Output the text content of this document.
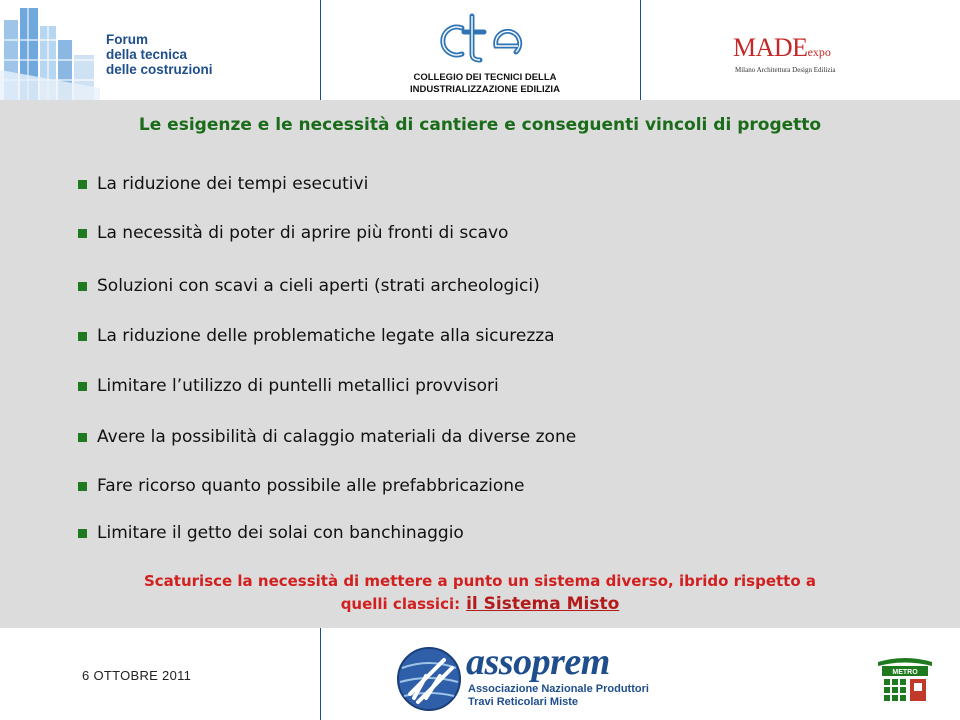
Forum
della tecnica
delle costruzioni
COLLEGIO DEI TECNICI DELLA
INDUSTRIALIZZAZIONE EDILIZIA
MADEexpo
Milano Architettura Design Edilizia
Le esigenze e le necessità di cantiere e conseguenti vincoli di progetto
La riduzione dei tempi esecutivi
La necessità di poter di aprire più fronti di scavo
Soluzioni con scavi a cieli aperti (strati archeologici)
La riduzione delle problematiche legate alla sicurezza
Limitare l’utilizzo di puntelli metallici provvisori
Avere la possibilità di calaggio materiali da diverse zone
Fare ricorso quanto possibile alle prefabbricazione
Limitare il getto dei solai con banchinaggio
Scaturisce la necessità di mettere a punto un sistema diverso, ibrido rispetto a
quelli classici: il Sistema Misto
6 OTTOBRE 2011	assoprem
Associazione Nazionale Produttori
Travi Reticolari Miste
METRO
